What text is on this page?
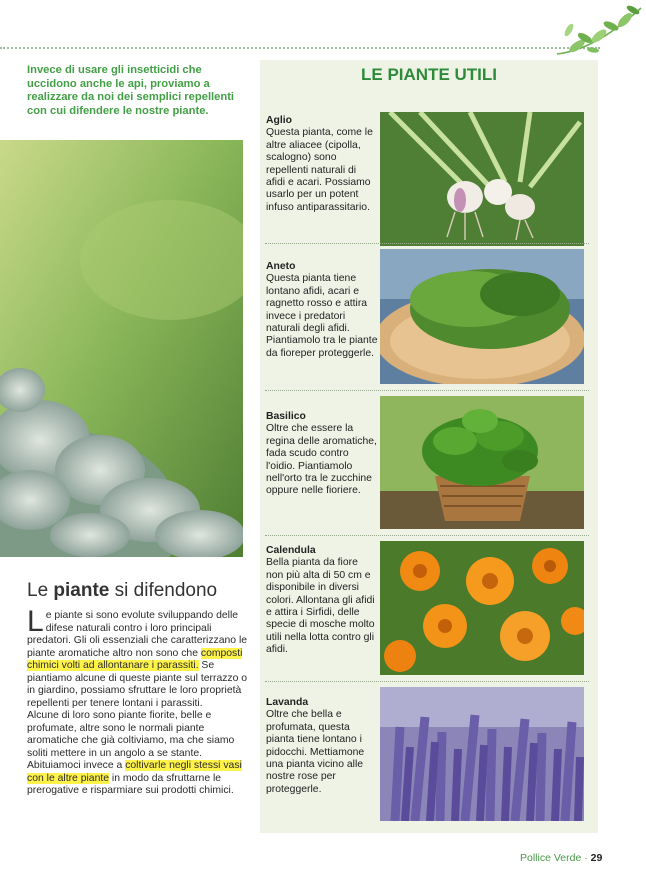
Invece di usare gli insetticidi che uccidono anche le api, proviamo a realizzare da noi dei semplici repellenti con cui difendere le nostre piante.
Le piante si difendono

Le piante si sono evolute sviluppando delle difese naturali contro i loro principali predatori. Gli oli essenziali che caratterizzano le piante aromatiche altro non sono che composti chimici volti ad allontanare i parassiti. Se piantiamo alcune di queste piante sul terrazzo o in giardino, possiamo sfruttare le loro proprietà repellenti per tenere lontani i parassiti.

Alcune di loro sono piante fiorite, belle e profumate, altre sono le normali piante aromatiche che già coltiviamo, ma che siamo soliti mettere in un angolo a se stante.

Abituiamoci invece a coltivarle negli stessi vasi con le altre piante in modo da sfruttarne le prerogative e risparmiare sui prodotti chimici.

LE PIANTE UTILI
Aglio
Questa pianta, come le altre aliacee (cipolla, scalogno) sono repellenti naturali di afidi e acari. Possiamo usarlo per un potent infuso antiparassitario.
Aneto
Questa pianta tiene lontano afidi, acari e ragnetto rosso e attira invece i predatori naturali degli afidi. Piantiamolo tra le piante da fioreper proteggerle.
Basilico
Oltre che essere la regina delle aromatiche, fada scudo contro l'oidio. Piantiamolo nell'orto tra le zucchine oppure nelle fioriere.
Calendula
Bella pianta da fiore non più alta di 50 cm e disponibile in diversi colori. Allontana gli afidi e attira i Sirfidi, delle specie di mosche molto utili nella lotta contro gli afidi.
Lavanda
Oltre che bella e profumata, questa pianta tiene lontano i pidocchi. Mettiamone una pianta vicino alle nostre rose per proteggerle.
Pollice Verde · 29
